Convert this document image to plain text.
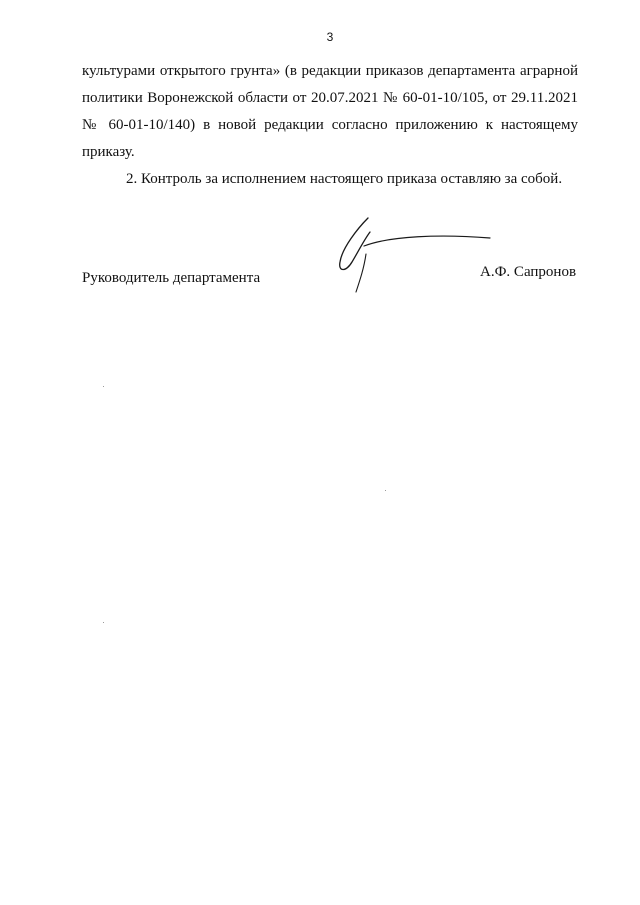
3

культурами открытого грунта» (в редакции приказов департамента аграрной политики Воронежской области от 20.07.2021 № 60-01-10/105, от 29.11.2021 № 60-01-10/140) в новой редакции согласно приложению к настоящему приказу.

2. Контроль за исполнением настоящего приказа оставляю за собой.

Руководитель департамента	А.Ф. Сапронов
